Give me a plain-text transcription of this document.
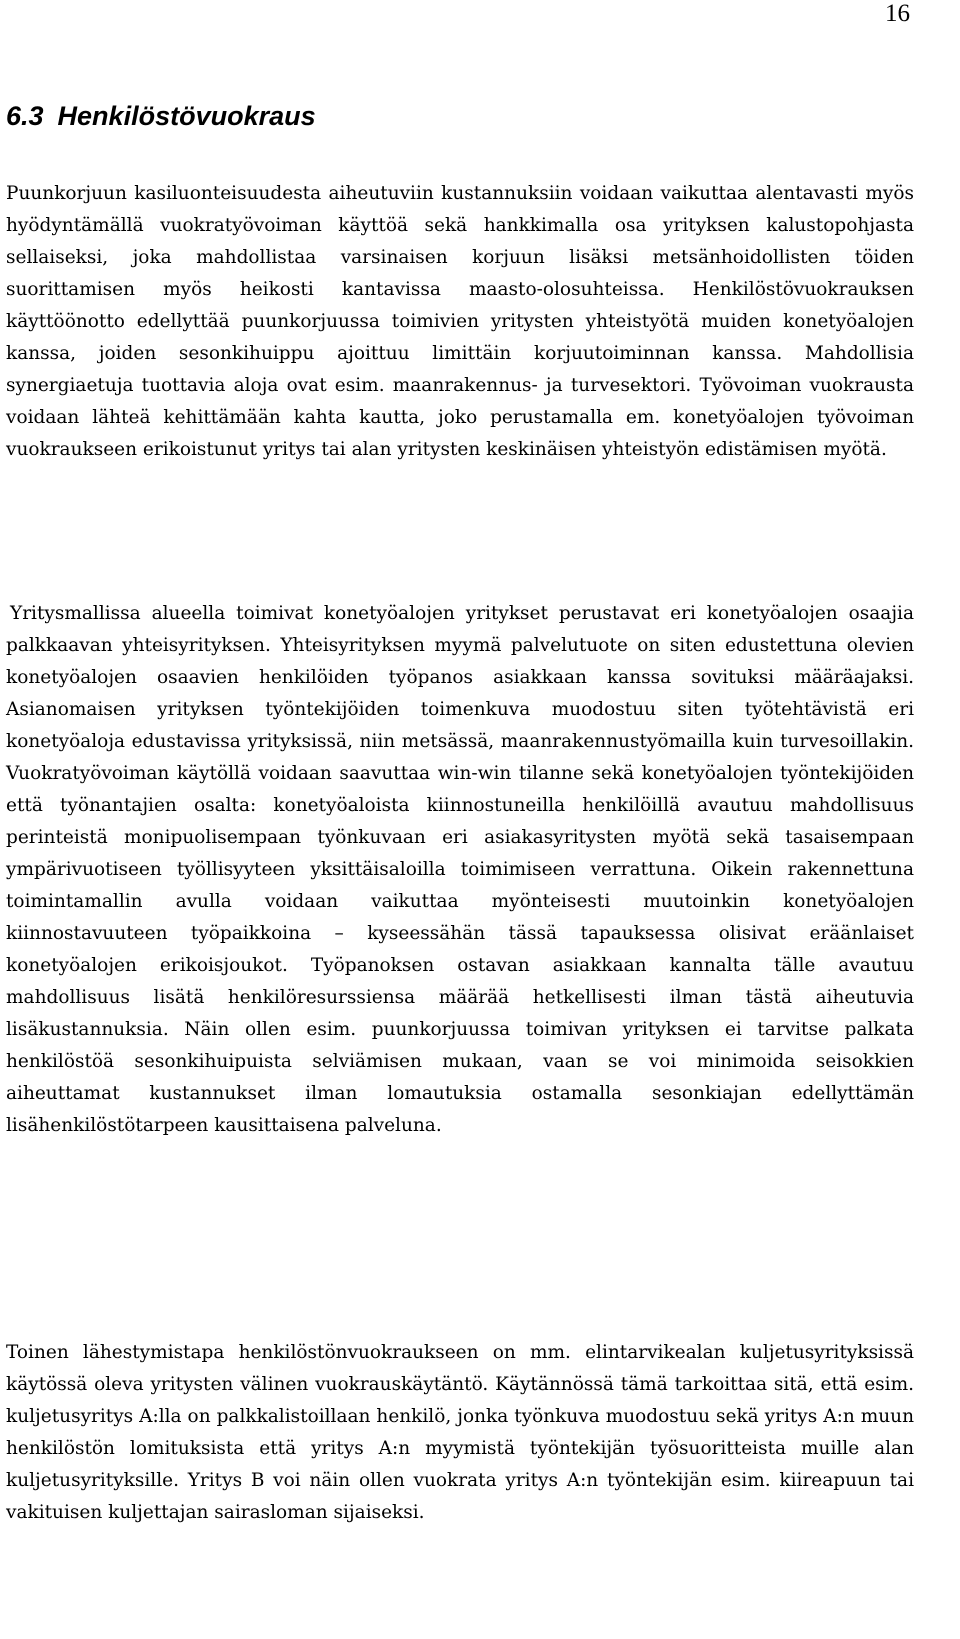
16
6.3 Henkilöstövuokraus

Puunkorjuun kasiluonteisuudesta aiheutuviin kustannuksiin voidaan vaikuttaa alentavasti myös hyödyntämällä vuokratyövoiman käyttöä sekä hankkimalla osa yrityksen kalustopohjasta sellaiseksi, joka mahdollistaa varsinaisen korjuun lisäksi metsänhoidollisten töiden suorittamisen myös heikosti kantavissa maasto-olosuhteissa. Henkilöstövuokrauksen käyttöönotto edellyttää puunkorjuussa toimivien yritysten yhteistyötä muiden konetyöalojen kanssa, joiden sesonkihuippu ajoittuu limittäin korjuutoiminnan kanssa. Mahdollisia synergiaetuja tuottavia aloja ovat esim. maanrakennus- ja turvesektori. Työvoiman vuokrausta voidaan lähteä kehittämään kahta kautta, joko perustamalla em. konetyöalojen työvoiman vuokraukseen erikoistunut yritys tai alan yritysten keskinäisen yhteistyön edistämisen myötä.

Yritysmallissa alueella toimivat konetyöalojen yritykset perustavat eri konetyöalojen osaajia palkkaavan yhteisyrityksen. Yhteisyrityksen myymä palvelutuote on siten edustettuna olevien konetyöalojen osaavien henkilöiden työpanos asiakkaan kanssa sovituksi määräajaksi. Asianomaisen yrityksen työntekijöiden toimenkuva muodostuu siten työtehtävistä eri konetyöaloja edustavissa yrityksissä, niin metsässä, maanrakennustyömailla kuin turvesoillakin. Vuokratyövoiman käytöllä voidaan saavuttaa win-win tilanne sekä konetyöalojen työntekijöiden että työnantajien osalta: konetyöaloista kiinnostuneilla henkilöillä avautuu mahdollisuus perinteistä monipuolisempaan työnkuvaan eri asiakasyritysten myötä sekä tasaisempaan ympärivuotiseen työllisyyteen yksittäisaloilla toimimiseen verrattuna. Oikein rakennettuna toimintamallin avulla voidaan vaikuttaa myönteisesti muutoinkin konetyöalojen kiinnostavuuteen työpaikkoina – kyseessähän tässä tapauksessa olisivat eräänlaiset konetyöalojen erikoisjoukot. Työpanoksen ostavan asiakkaan kannalta tälle avautuu mahdollisuus lisätä henkilöresurssiensa määrää hetkellisesti ilman tästä aiheutuvia lisäkustannuksia. Näin ollen esim. puunkorjuussa toimivan yrityksen ei tarvitse palkata henkilöstöä sesonkihuipuista selviämisen mukaan, vaan se voi minimoida seisokkien aiheuttamat kustannukset ilman lomautuksia ostamalla sesonkiajan edellyttämän lisähenkilöstötarpeen kausittaisena palveluna.

Toinen lähestymistapa henkilöstönvuokraukseen on mm. elintarvikealan kuljetusyrityksissä käytössä oleva yritysten välinen vuokrauskäytäntö. Käytännössä tämä tarkoittaa sitä, että esim. kuljetusyritys A:lla on palkkalistoillaan henkilö, jonka työnkuva muodostuu sekä yritys A:n muun henkilöstön lomituksista että yritys A:n myymistä työntekijän työsuoritteista muille alan kuljetusyrityksille. Yritys B voi näin ollen vuokrata yritys A:n työntekijän esim. kiireapuun tai vakituisen kuljettajan sairasloman sijaiseksi.
